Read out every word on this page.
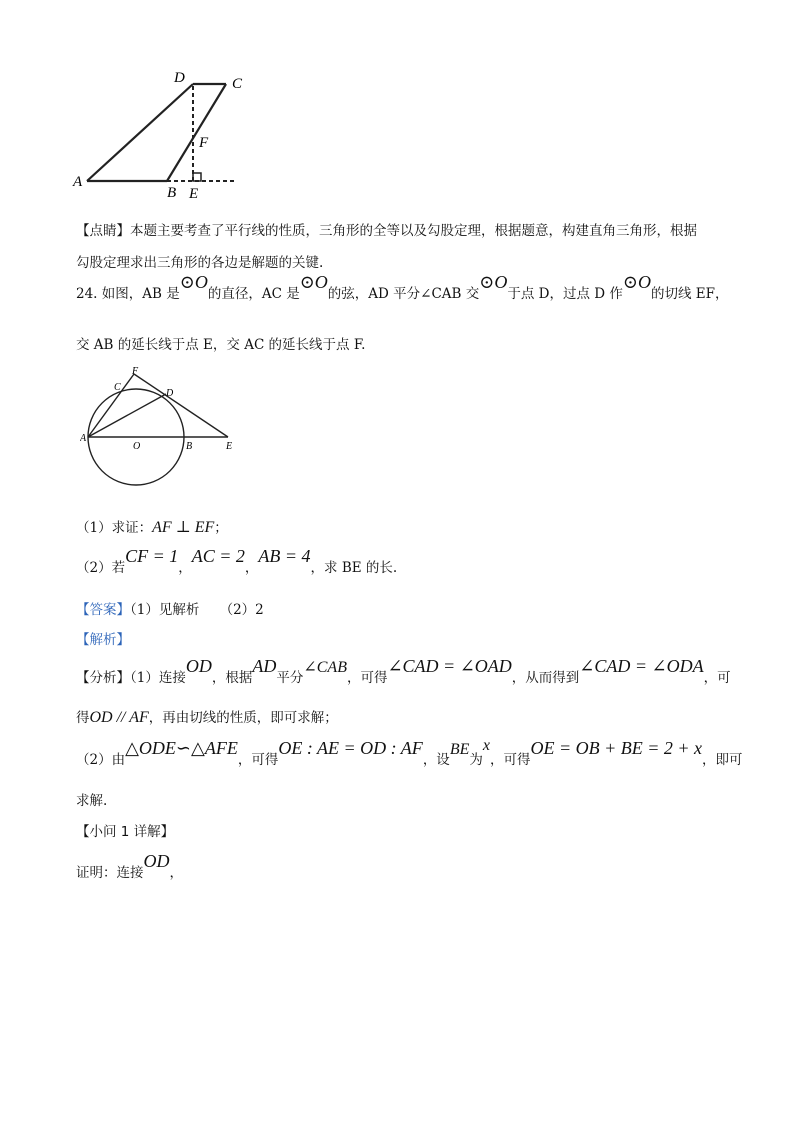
A
B
C
D
E
F
【点睛】本题主要考查了平行线的性质，三角形的全等以及勾股定理，根据题意，构建直角三角形，根据
勾股定理求出三角形的各边是解题的关键.
24. 如图，AB 是⊙O的直径，AC 是⊙O的弦，AD 平分∠CAB 交⊙O于点 D，过点 D 作⊙O的切线 EF，
交 AB 的延长线于点 E，交 AC 的延长线于点 F.
A
B
C
D
E
F
O
（1）求证：AF ⊥ EF；
（2）若CF = 1，AC = 2，AB = 4，求 BE 的长.
【答案】（1）见解析　　（2）2
【解析】
【分析】（1）连接OD，根据AD平分∠CAB，可得∠CAD = ∠OAD，从而得到∠CAD = ∠ODA，可
得OD // AF，再由切线的性质，即可求解；
（2）由△ODE∽△AFE，可得OE : AE = OD : AF，设BE为x，可得OE = OB + BE = 2 + x，即可
求解.
【小问 1 详解】
证明：连接OD，
